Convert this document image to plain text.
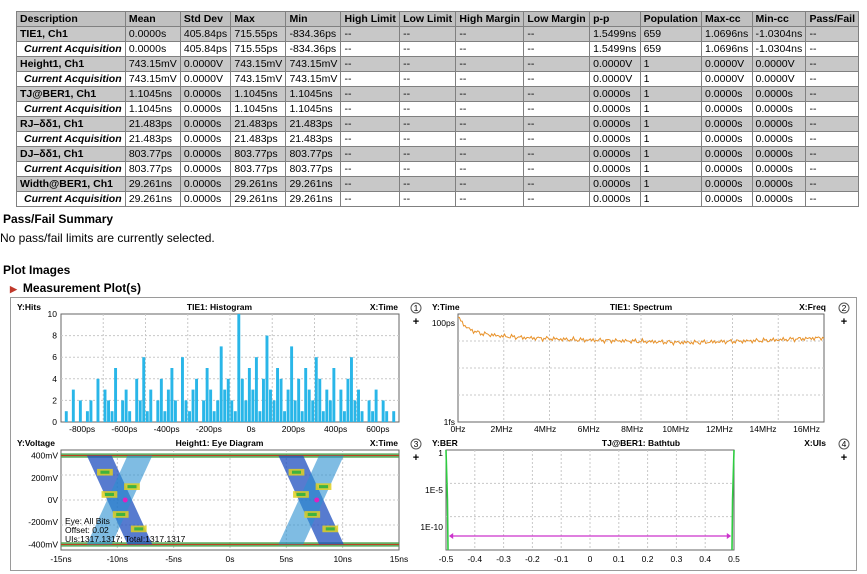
Description	Mean	Std Dev	Max	Min	High Limit	Low Limit	High Margin	Low Margin	p-p	Population	Max-cc	Min-cc	Pass/Fail
TIE1, Ch1	0.0000s	405.84ps	715.55ps	-834.36ps	--	--	--	--	1.5499ns	659	1.0696ns	-1.0304ns	--
Current Acquisition	0.0000s	405.84ps	715.55ps	-834.36ps	--	--	--	--	1.5499ns	659	1.0696ns	-1.0304ns	--
Height1, Ch1	743.15mV	0.0000V	743.15mV	743.15mV	--	--	--	--	0.0000V	1	0.0000V	0.0000V	--
Current Acquisition	743.15mV	0.0000V	743.15mV	743.15mV	--	--	--	--	0.0000V	1	0.0000V	0.0000V	--
TJ@BER1, Ch1	1.1045ns	0.0000s	1.1045ns	1.1045ns	--	--	--	--	0.0000s	1	0.0000s	0.0000s	--
Current Acquisition	1.1045ns	0.0000s	1.1045ns	1.1045ns	--	--	--	--	0.0000s	1	0.0000s	0.0000s	--
RJ–δδ1, Ch1	21.483ps	0.0000s	21.483ps	21.483ps	--	--	--	--	0.0000s	1	0.0000s	0.0000s	--
Current Acquisition	21.483ps	0.0000s	21.483ps	21.483ps	--	--	--	--	0.0000s	1	0.0000s	0.0000s	--
DJ–δδ1, Ch1	803.77ps	0.0000s	803.77ps	803.77ps	--	--	--	--	0.0000s	1	0.0000s	0.0000s	--
Current Acquisition	803.77ps	0.0000s	803.77ps	803.77ps	--	--	--	--	0.0000s	1	0.0000s	0.0000s	--
Width@BER1, Ch1	29.261ns	0.0000s	29.261ns	29.261ns	--	--	--	--	0.0000s	1	0.0000s	0.0000s	--
Current Acquisition	29.261ns	0.0000s	29.261ns	29.261ns	--	--	--	--	0.0000s	1	0.0000s	0.0000s	--
Pass/Fail Summary
No pass/fail limits are currently selected.
Plot Images
▶ Measurement Plot(s)
Y:Hits	TIE1: Histogram	X:Time 1
+
10
8
6
4
2
0
-800ps -600ps -400ps -200ps	0s	200ps 400ps 600ps
Y:Time	TIE1: Spectrum	X:Freq 2
+
100ps
1fs
0Hz	2MHz	4MHz	6MHz	8MHz 10MHz 12MHz 14MHz 16MHz
Y:Voltage	Height1: Eye Diagram	X:Time 3
+
400mV
200mV
0V
-200mV
-400mV
-15ns	-10ns	-5ns	0s	5ns	10ns	15ns
Eye: All Bits
Offset: 0.02
UIs:1317.1317; Total:1317.1317
Y:BER	TJ@BER1: Bathtub	X:UIs 4
+
1
1E-5
1E-10
-0.5 -0.4 -0.3 -0.2 -0.1 0 0.1 0.2 0.3 0.4 0.5
